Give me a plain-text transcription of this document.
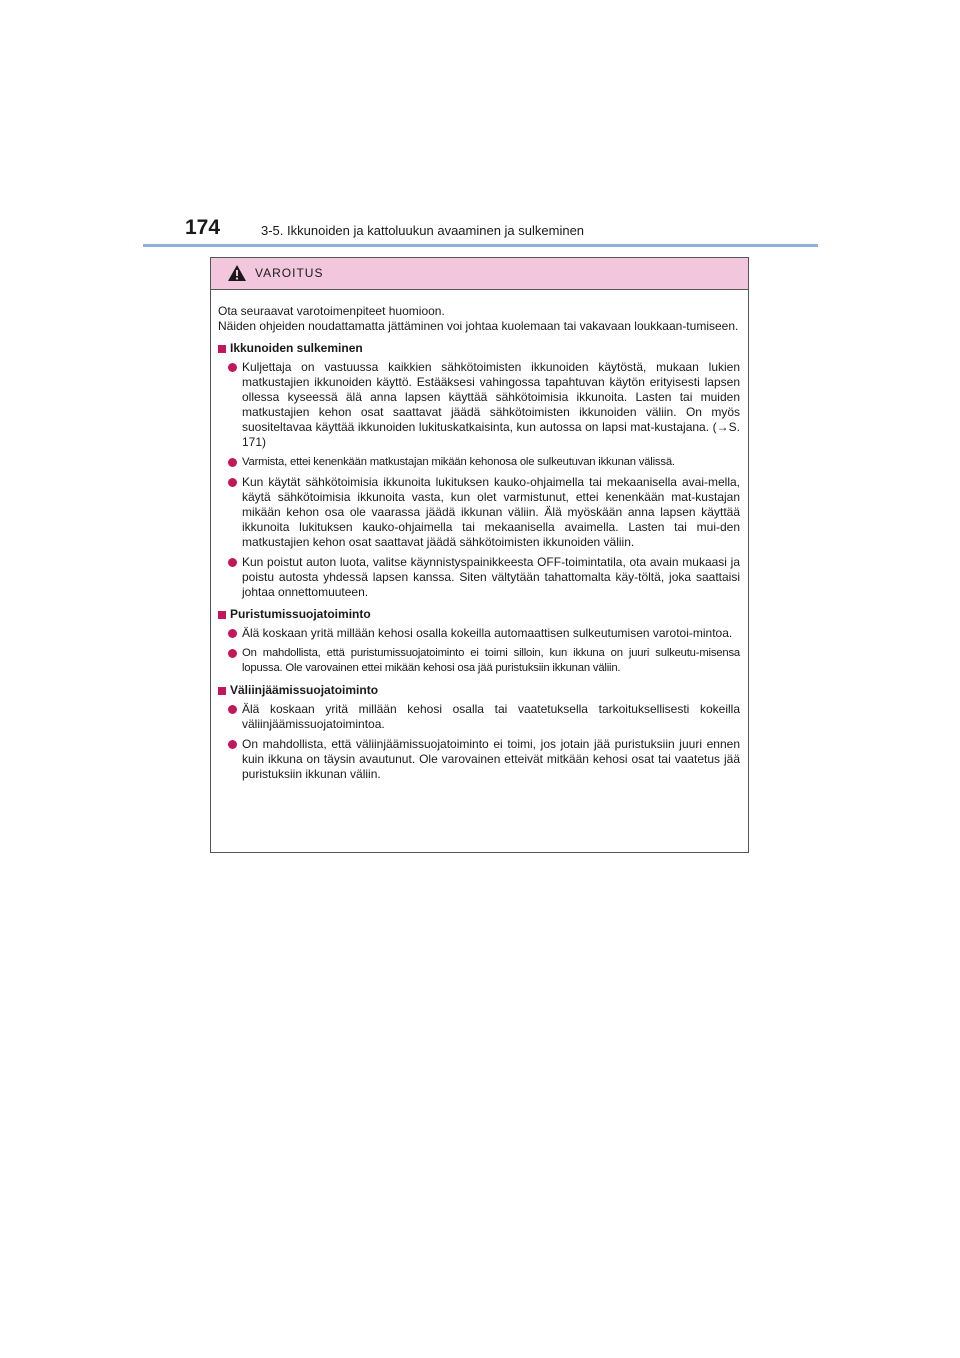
174	3-5. Ikkunoiden ja kattoluukun avaaminen ja sulkeminen
VAROITUS

Ota seuraavat varotoimenpiteet huomioon.

Näiden ohjeiden noudattamatta jättäminen voi johtaa kuolemaan tai vakavaan loukkaan-tumiseen.

Ikkunoiden sulkeminen
Kuljettaja on vastuussa kaikkien sähkötoimisten ikkunoiden käytöstä, mukaan lukien matkustajien ikkunoiden käyttö. Estääksesi vahingossa tapahtuvan käytön erityisesti lapsen ollessa kyseessä älä anna lapsen käyttää sähkötoimisia ikkunoita. Lasten tai muiden matkustajien kehon osat saattavat jäädä sähkötoimisten ikkunoiden väliin. On myös suositeltavaa käyttää ikkunoiden lukituskatkaisinta, kun autossa on lapsi mat-kustajana. (→S. 171)
Varmista, ettei kenenkään matkustajan mikään kehonosa ole sulkeutuvan ikkunan välissä.
Kun käytät sähkötoimisia ikkunoita lukituksen kauko-ohjaimella tai mekaanisella avai-mella, käytä sähkötoimisia ikkunoita vasta, kun olet varmistunut, ettei kenenkään mat-kustajan mikään kehon osa ole vaarassa jäädä ikkunan väliin. Älä myöskään anna lapsen käyttää ikkunoita lukituksen kauko-ohjaimella tai mekaanisella avaimella. Lasten tai mui-den matkustajien kehon osat saattavat jäädä sähkötoimisten ikkunoiden väliin.
Kun poistut auton luota, valitse käynnistyspainikkeesta OFF-toimintatila, ota avain mukaasi ja poistu autosta yhdessä lapsen kanssa. Siten vältytään tahattomalta käy-töltä, joka saattaisi johtaa onnettomuuteen.
Puristumissuojatoiminto
Älä koskaan yritä millään kehosi osalla kokeilla automaattisen sulkeutumisen varotoi-mintoa.
On mahdollista, että puristumissuojatoiminto ei toimi silloin, kun ikkuna on juuri sulkeutu-misensa lopussa. Ole varovainen ettei mikään kehosi osa jää puristuksiin ikkunan väliin.
Väliinjäämissuojatoiminto
Älä koskaan yritä millään kehosi osalla tai vaatetuksella tarkoituksellisesti kokeilla väliinjäämissuojatoimintoa.
On mahdollista, että väliinjäämissuojatoiminto ei toimi, jos jotain jää puristuksiin juuri ennen kuin ikkuna on täysin avautunut. Ole varovainen etteivät mitkään kehosi osat tai vaatetus jää puristuksiin ikkunan väliin.
